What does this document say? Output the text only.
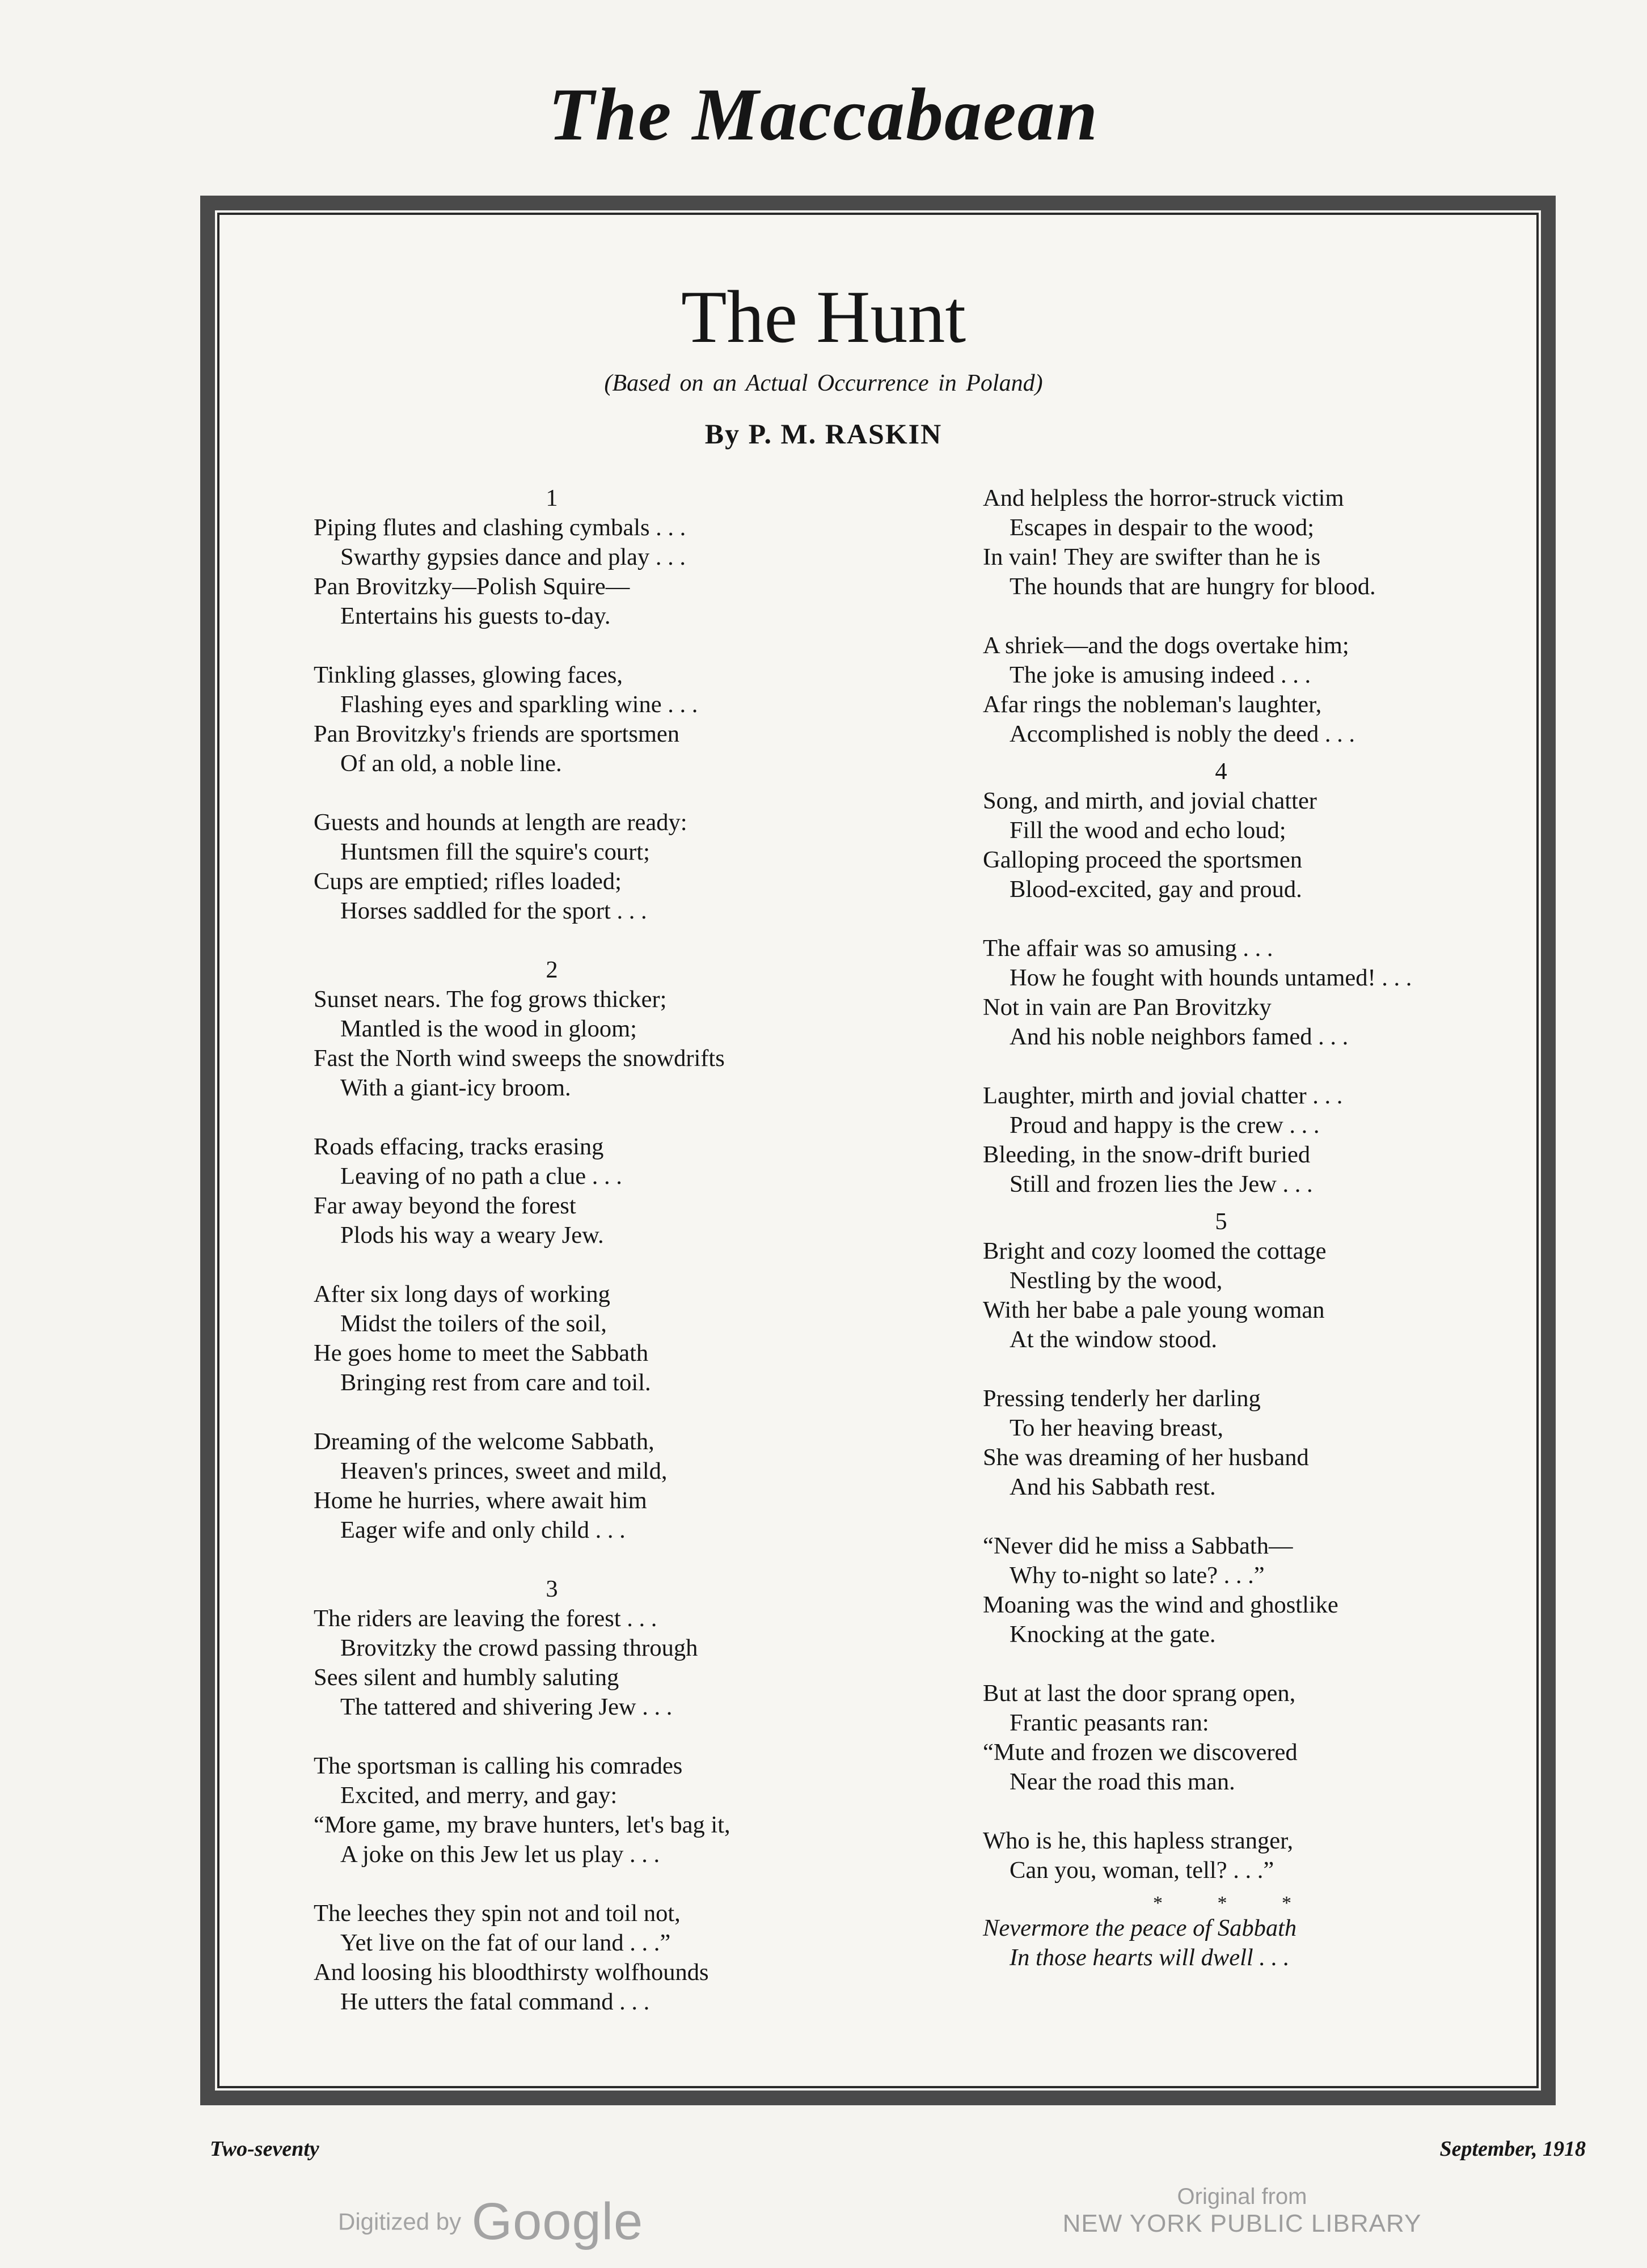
The Maccabaean
The Hunt
(Based on an Actual Occurrence in Poland)
By P. M. RASKIN
1
Piping flutes and clashing cymbals . . .
Swarthy gypsies dance and play . . .
Pan Brovitzky—Polish Squire—
Entertains his guests to-day.
Tinkling glasses, glowing faces,
Flashing eyes and sparkling wine . . .
Pan Brovitzky's friends are sportsmen
Of an old, a noble line.
Guests and hounds at length are ready:
Huntsmen fill the squire's court;
Cups are emptied; rifles loaded;
Horses saddled for the sport . . .
2
Sunset nears. The fog grows thicker;
Mantled is the wood in gloom;
Fast the North wind sweeps the snowdrifts
With a giant-icy broom.
Roads effacing, tracks erasing
Leaving of no path a clue . . .
Far away beyond the forest
Plods his way a weary Jew.
After six long days of working
Midst the toilers of the soil,
He goes home to meet the Sabbath
Bringing rest from care and toil.
Dreaming of the welcome Sabbath,
Heaven's princes, sweet and mild,
Home he hurries, where await him
Eager wife and only child . . .
3
The riders are leaving the forest . . .
Brovitzky the crowd passing through
Sees silent and humbly saluting
The tattered and shivering Jew . . .
The sportsman is calling his comrades
Excited, and merry, and gay:
“More game, my brave hunters, let's bag it,
A joke on this Jew let us play . . .
The leeches they spin not and toil not,
Yet live on the fat of our land . . .”
And loosing his bloodthirsty wolfhounds
He utters the fatal command . . .
And helpless the horror-struck victim
Escapes in despair to the wood;
In vain! They are swifter than he is
The hounds that are hungry for blood.
A shriek—and the dogs overtake him;
The joke is amusing indeed . . .
Afar rings the nobleman's laughter,
Accomplished is nobly the deed . . .
4
Song, and mirth, and jovial chatter
Fill the wood and echo loud;
Galloping proceed the sportsmen
Blood-excited, gay and proud.
The affair was so amusing . . .
How he fought with hounds untamed! . . .
Not in vain are Pan Brovitzky
And his noble neighbors famed . . .
Laughter, mirth and jovial chatter . . .
Proud and happy is the crew . . .
Bleeding, in the snow-drift buried
Still and frozen lies the Jew . . .
5
Bright and cozy loomed the cottage
Nestling by the wood,
With her babe a pale young woman
At the window stood.
Pressing tenderly her darling
To her heaving breast,
She was dreaming of her husband
And his Sabbath rest.
“Never did he miss a Sabbath—
Why to-night so late? . . .”
Moaning was the wind and ghostlike
Knocking at the gate.
But at last the door sprang open,
Frantic peasants ran:
“Mute and frozen we discovered
Near the road this man.
Who is he, this hapless stranger,
Can you, woman, tell? . . .”
* * *
Nevermore the peace of Sabbath
In those hearts will dwell . . .
Two-seventy	September, 1918
Digitized by Google	Original from
NEW YORK PUBLIC LIBRARY
